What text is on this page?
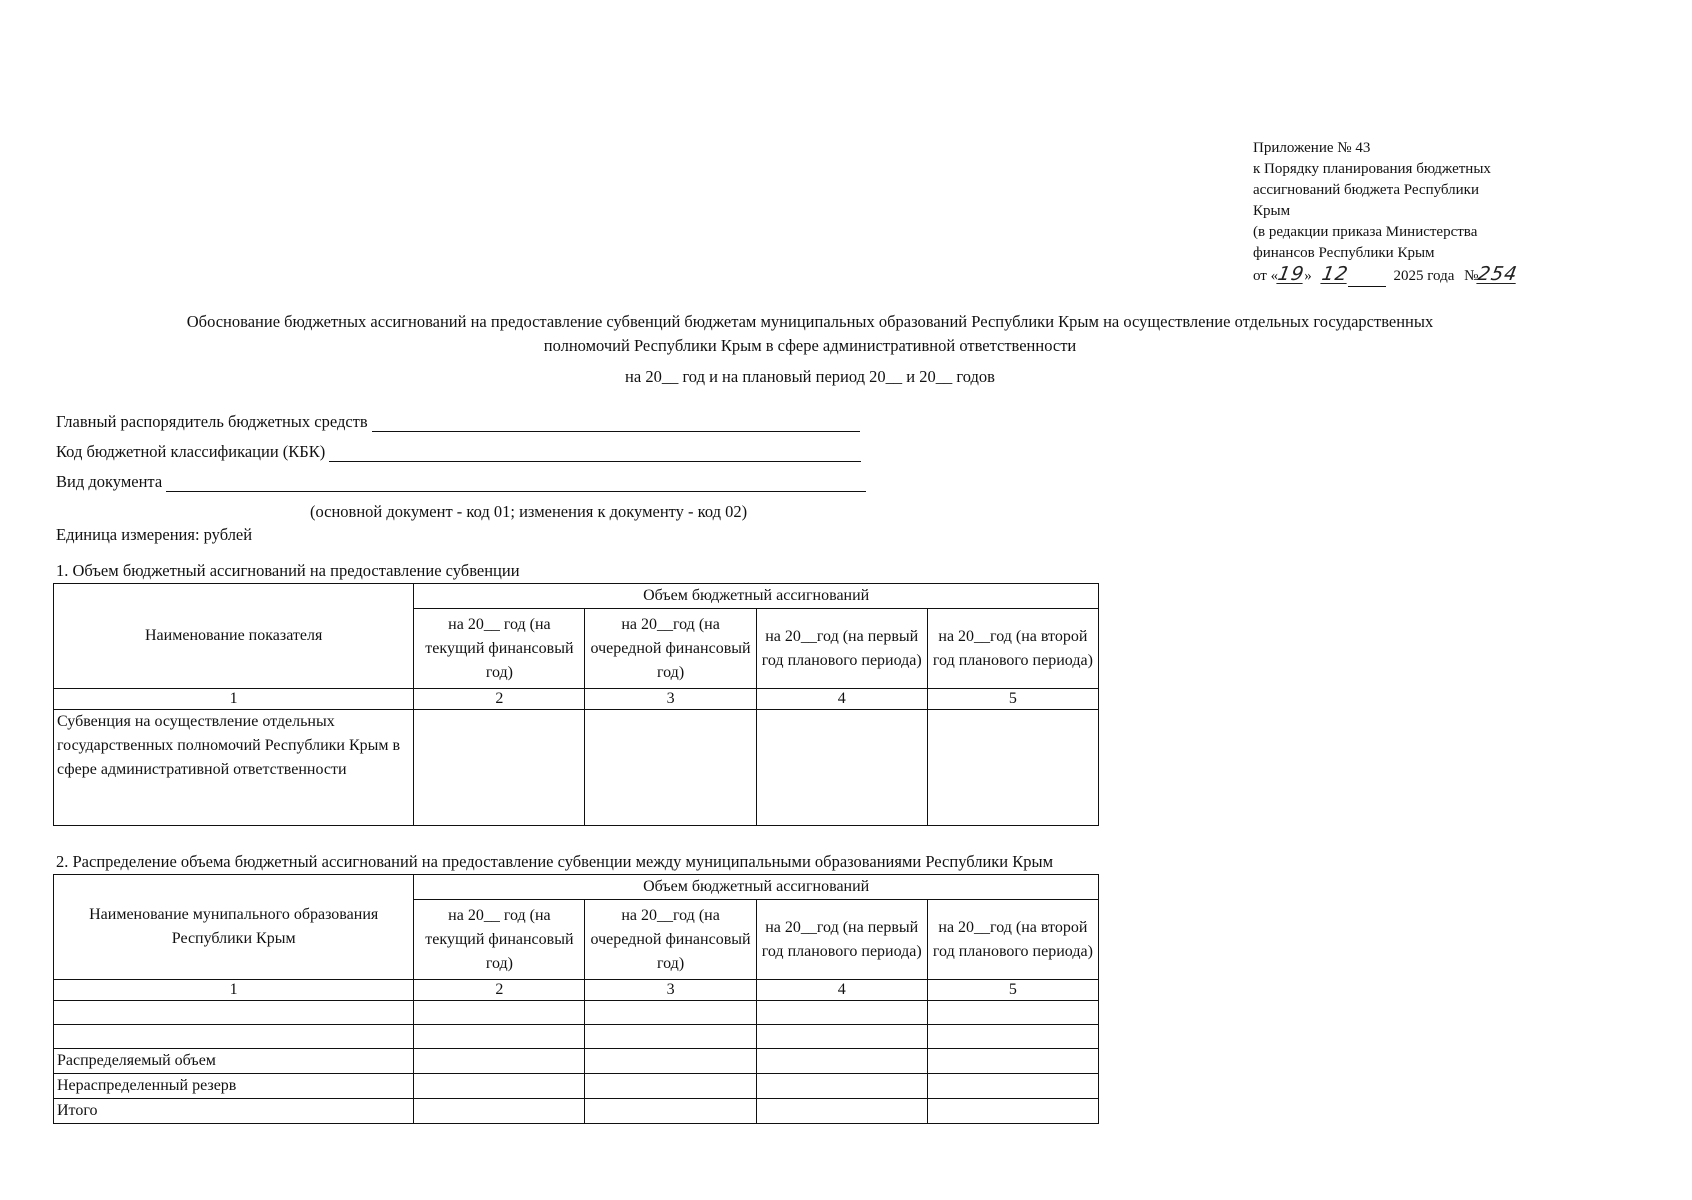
Приложение № 43
к Порядку планирования бюджетных
ассигнований бюджета Республики
Крым
(в редакции приказа Министерства
финансов Республики Крым
от «19» 12	2025 года №254
Обоснование бюджетных ассигнований на предоставление субвенций бюджетам муниципальных образований Республики Крым на осуществление отдельных государственных
полномочий Республики Крым в сфере административной ответственности
на 20__ год и на плановый период 20__ и 20__ годов
Главный распорядитель бюджетных средств
Код бюджетной классификации (КБК)
Вид документа
(основной документ - код 01; изменения к документу - код 02)
Единица измерения: рублей
1. Объем бюджетный ассигнований на предоставление субвенции
Наименование показателя	Объем бюджетный ассигнований			
	на 20__ год (на текущий финансовый год)	на 20__год (на очередной финансовый год)	на 20__год (на первый год планового периода)	на 20__год (на второй год планового периода)
1	2	3	4	5
Субвенция на осуществление отдельных государственных полномочий Республики Крым в сфере административной ответственности				
2. Распределение объема бюджетный ассигнований на предоставление субвенции между муниципальными образованиями Республики Крым
Наименование мунипального образования Республики Крым	Объем бюджетный ассигнований			
	на 20__ год (на текущий финансовый год)	на 20__год (на очередной финансовый год)	на 20__год (на первый год планового периода)	на 20__год (на второй год планового периода)
1	2	3	4	5

Распределяемый объем				
Нераспределенный резерв				
Итого				
